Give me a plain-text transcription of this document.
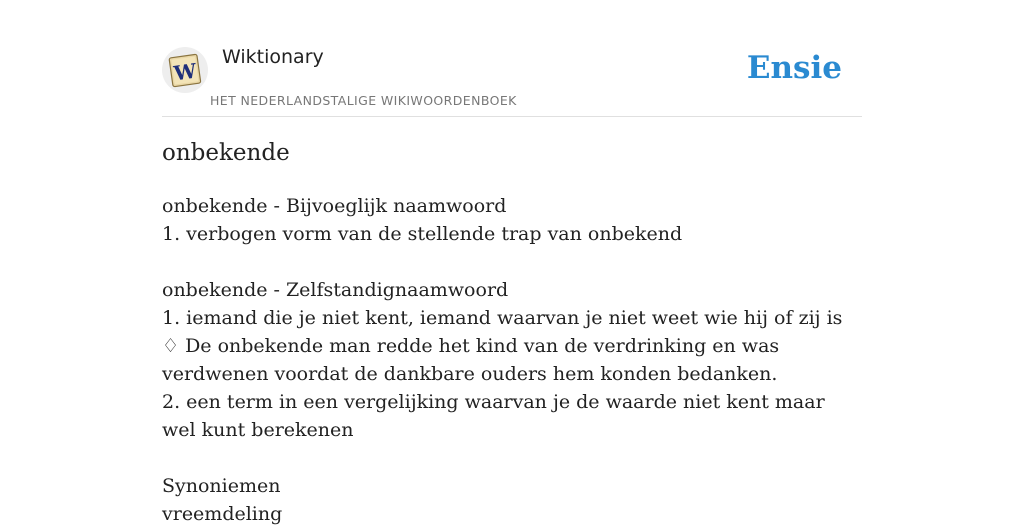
W
Wiktionary
HET NEDERLANDSTALIGE WIKIWOORDENBOEK
Ensie
onbekende
onbekende - Bijvoeglijk naamwoord
1. verbogen vorm van de stellende trap van onbekend
onbekende - Zelfstandignaamwoord
1. iemand die je niet kent, iemand waarvan je niet weet wie hij of zij is
♢ De onbekende man redde het kind van de verdrinking en was verdwenen voordat de dankbare ouders hem konden bedanken.
2. een term in een vergelijking waarvan je de waarde niet kent maar wel kunt berekenen
Synoniemen
vreemdeling
